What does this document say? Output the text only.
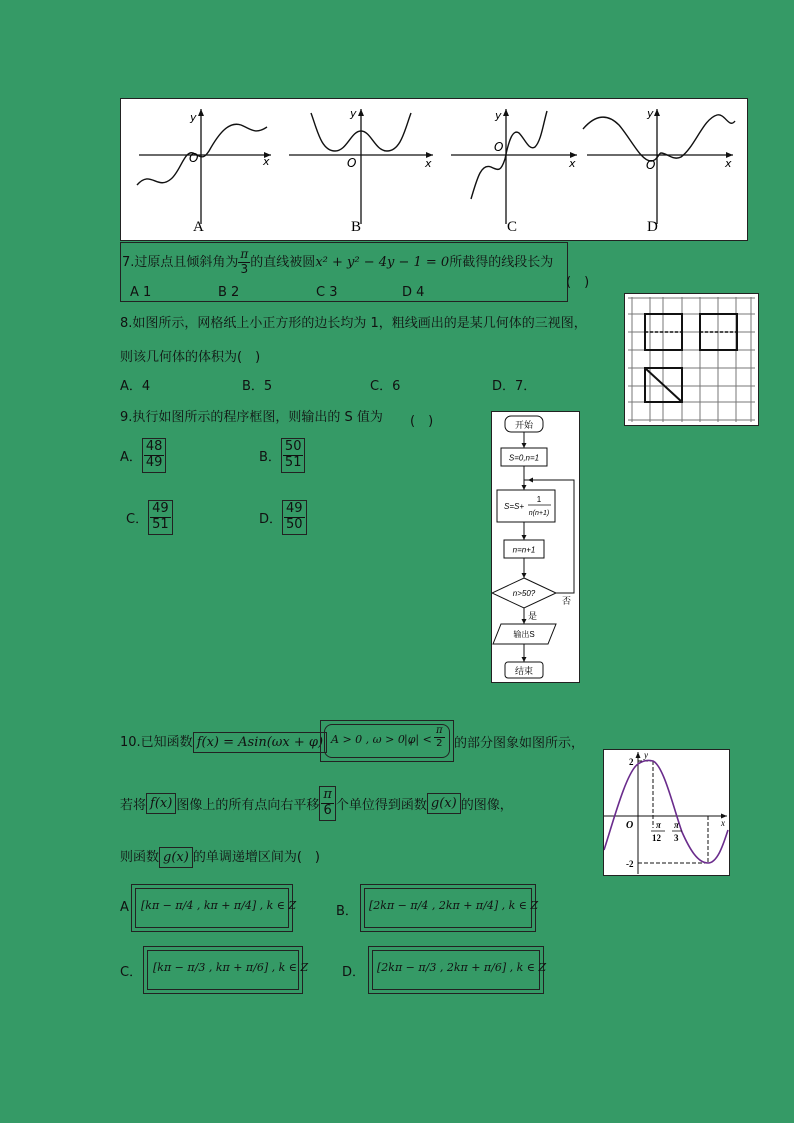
y
x
O
y
x
O
y
x
O
y
x
O
A	B	C	D
7.过原点且倾斜角为 $\frac{\pi}{3}$ 的直线被圆x² + y² − 4y − 1 = 0所截得的线段长为
(　)
A 1	B 2	C 3	D 4
8.如图所示，网格纸上小正方形的边长均为 1，粗线画出的是某几何体的三视图，
则该几何体的体积为(　)
A．4	B．5	C．6	D．7．
9.执行如图所示的程序框图，则输出的 S 值为 (　)
A． $\frac{48}{49}$	B． $\frac{50}{51}$
C． $\frac{49}{51}$	D． $\frac{49}{50}$
开始
S=0,n=1
S=S+
1
n(n+1)
n=n+1
n>50?
否
是
输出S
结束
10.已知函数 f(x) = Asin(ωx + φ) A > 0 , ω > 0 ,
$|\varphi| < \frac{\pi}{2}$ 的部分图象如图所示，
若将 f(x) 图像上的所有点向右平移 $\frac{\pi}{6}$ 个单位得到函数 g(x) 的图像，
则函数 g(x) 的单调递增区间为(　)
A [kπ − π/4 , kπ + π/4] , k ∈ Z	B． [2kπ − π/4 , 2kπ + π/4] , k ∈ Z
C． [kπ − π/3 , kπ + π/6] , k ∈ Z	D． [2kπ − π/3 , 2kπ + π/6] , k ∈ Z
y
x
O
2
-2
π
12
π
3
